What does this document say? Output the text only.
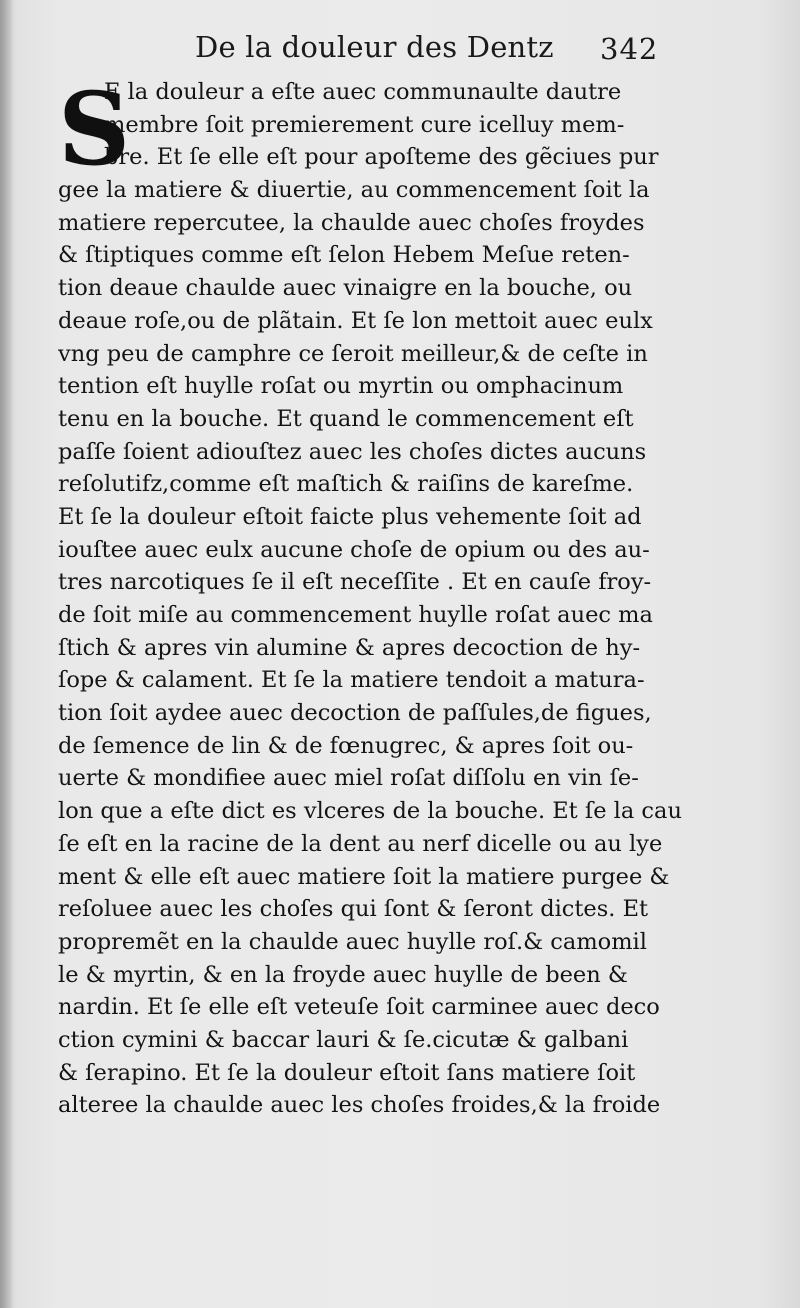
De la douleur des Dentz 342
S
E la douleur a eſte auec communaulte dautre
membre ſoit premierement cure icelluy mem-
bre. Et ſe elle eſt pour apoſteme des gẽciues pur
gee la matiere & diuertie, au commencement ſoit la
matiere repercutee, la chaulde auec choſes froydes
& ſtiptiques comme eſt ſelon Hebem Meſue reten-
tion deaue chaulde auec vinaigre en la bouche, ou
deaue roſe,ou de plãtain. Et ſe lon mettoit auec eulx
vng peu de camphre ce ſeroit meilleur,& de ceſte in
tention eſt huylle roſat ou myrtin ou omphacinum
tenu en la bouche. Et quand le commencement eſt
paſſe ſoient adiouſtez auec les choſes dictes aucuns
reſolutifz,comme eſt maſtich & raiſins de kareſme.
Et ſe la douleur eſtoit faicte plus vehemente ſoit ad
iouſtee auec eulx aucune choſe de opium ou des au-
tres narcotiques ſe il eſt neceſſite . Et en cauſe froy-
de ſoit miſe au commencement huylle roſat auec ma
ſtich & apres vin alumine & apres decoction de hy-
ſope & calament. Et ſe la matiere tendoit a matura-
tion ſoit aydee auec decoction de paſſules,de figues,
de ſemence de lin & de fœnugrec, & apres ſoit ou-
uerte & mondifiee auec miel roſat diſſolu en vin ſe-
lon que a eſte dict es vlceres de la bouche. Et ſe la cau
ſe eſt en la racine de la dent au nerf dicelle ou au lye
ment & elle eſt auec matiere ſoit la matiere purgee &
reſoluee auec les choſes qui ſont & ſeront dictes. Et
propremẽt en la chaulde auec huylle roſ.& camomil
le & myrtin, & en la froyde auec huylle de been &
nardin. Et ſe elle eſt veteuſe ſoit carminee auec deco
ction cymini & baccar lauri & ſe.cicutæ & galbani
& ſerapino. Et ſe la douleur eſtoit ſans matiere ſoit
alteree la chaulde auec les choſes froides,& la froide
